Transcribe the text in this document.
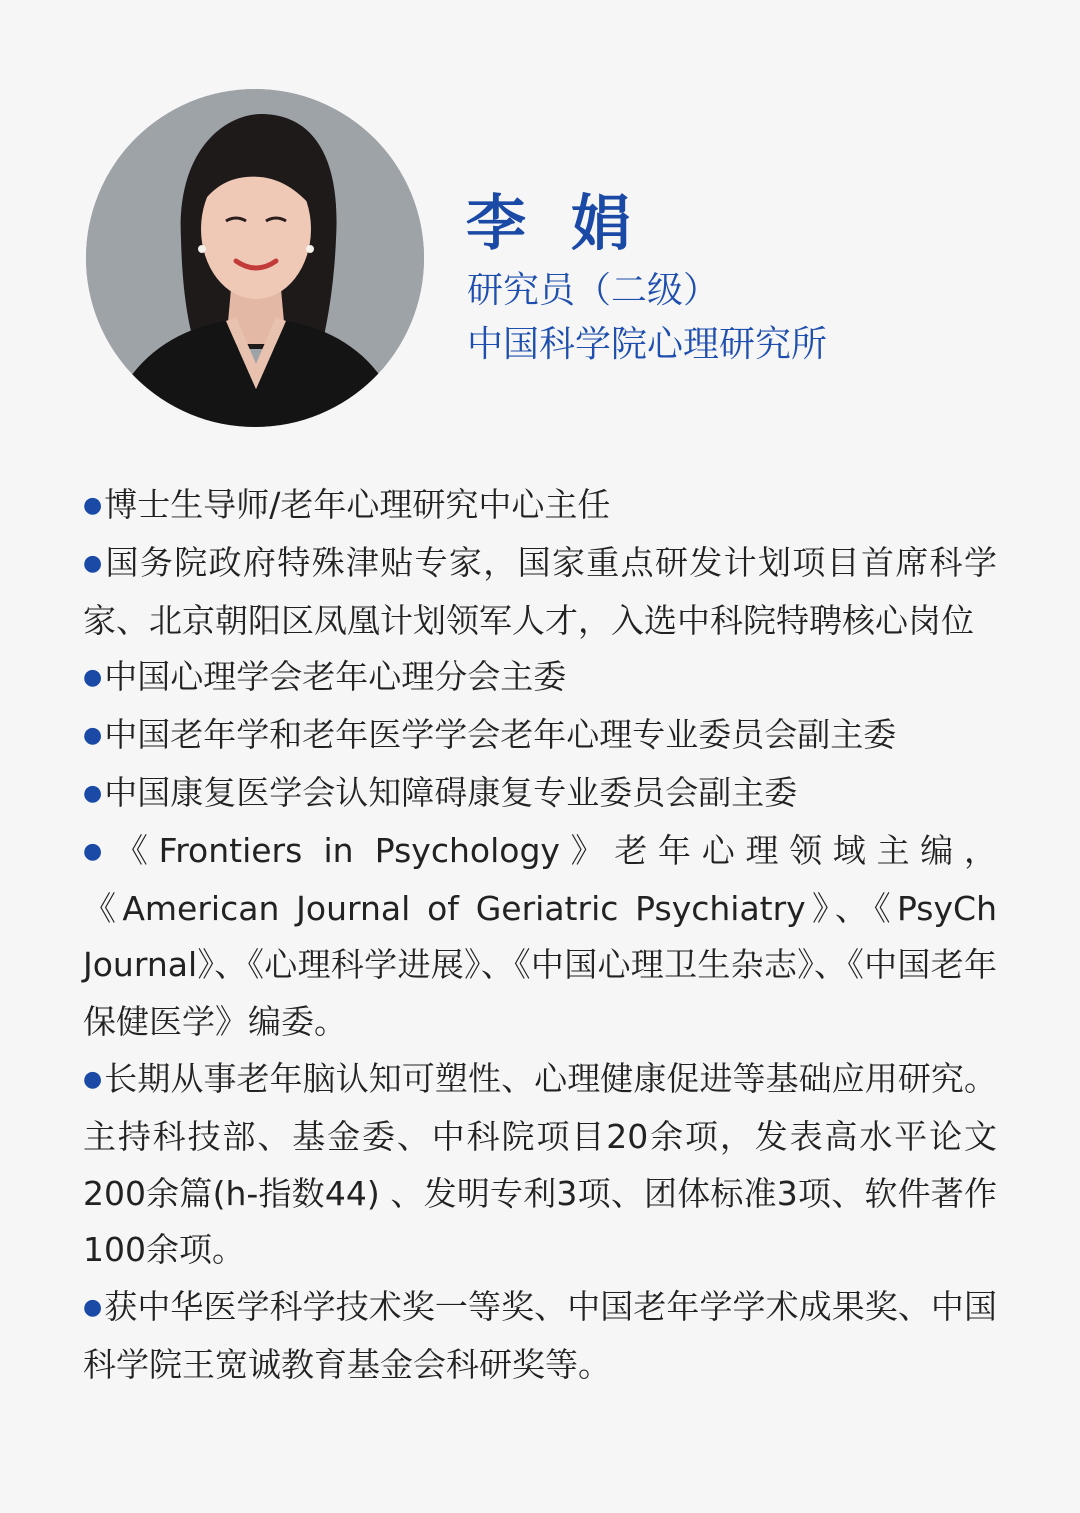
李 娟
研究员（二级）
中国科学院心理研究所

●博士生导师/老年心理研究中心主任

●国务院政府特殊津贴专家，国家重点研发计划项目首席科学家、北京朝阳区凤凰计划领军人才，入选中科院特聘核心岗位

●中国心理学会老年心理分会主委

●中国老年学和老年医学学会老年心理专业委员会副主委

●中国康复医学会认知障碍康复专业委员会副主委

●《Frontiers in Psychology》老年心理领域主编，《American Journal of Geriatric Psychiatry》、《PsyCh Journal》、《心理科学进展》、《中国心理卫生杂志》、《中国老年保健医学》编委。

●长期从事老年脑认知可塑性、心理健康促进等基础应用研究。主持科技部、基金委、中科院项目20余项，发表高水平论文200余篇(h-指数44) 、发明专利3项、团体标准3项、软件著作100余项。

●获中华医学科学技术奖一等奖、中国老年学学术成果奖、中国科学院王宽诚教育基金会科研奖等。
